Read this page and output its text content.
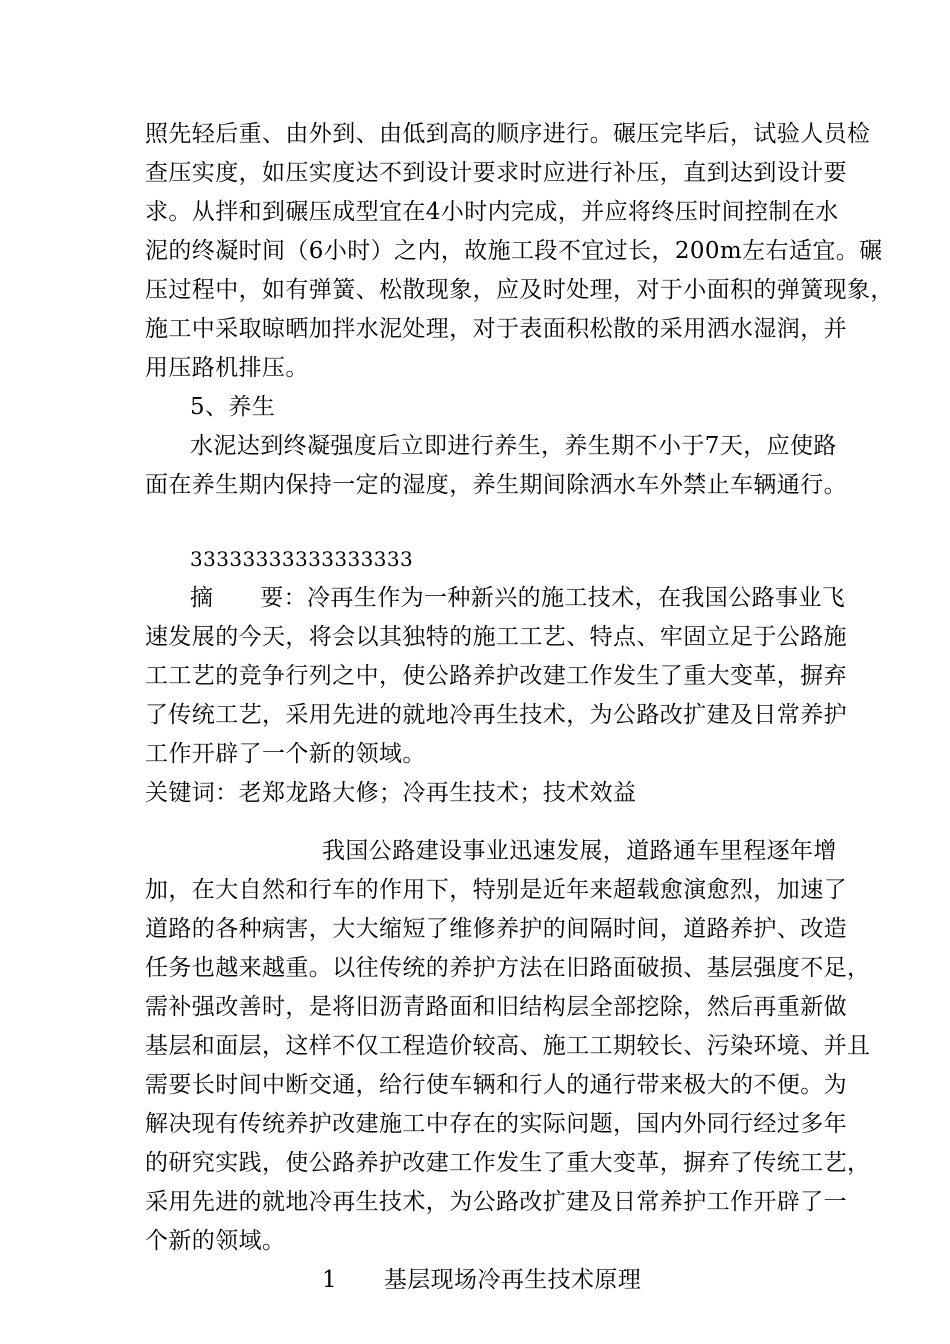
照先轻后重、由外到、由低到高的顺序进行。碾压完毕后，试验人员检
查压实度，如压实度达不到设计要求时应进行补压，直到达到设计要
求。从拌和到碾压成型宜在4小时内完成，并应将终压时间控制在水
泥的终凝时间（6小时）之内，故施工段不宜过长，200m左右适宜。碾
压过程中，如有弹簧、松散现象，应及时处理，对于小面积的弹簧现象，
施工中采取晾晒加拌水泥处理，对于表面积松散的采用洒水湿润，并
用压路机排压。
5、养生
水泥达到终凝强度后立即进行养生，养生期不小于7天，应使路
面在养生期内保持一定的湿度，养生期间除洒水车外禁止车辆通行。
33333333333333333
摘　　要：冷再生作为一种新兴的施工技术，在我国公路事业飞
速发展的今天，将会以其独特的施工工艺、特点、牢固立足于公路施
工工艺的竞争行列之中，使公路养护改建工作发生了重大变革，摒弃
了传统工艺，采用先进的就地冷再生技术，为公路改扩建及日常养护
工作开辟了一个新的领域。
关键词：老郑龙路大修；冷再生技术；技术效益
我国公路建设事业迅速发展，道路通车里程逐年增
加，在大自然和行车的作用下，特别是近年来超载愈演愈烈，加速了
道路的各种病害，大大缩短了维修养护的间隔时间，道路养护、改造
任务也越来越重。以往传统的养护方法在旧路面破损、基层强度不足，
需补强改善时，是将旧沥青路面和旧结构层全部挖除，然后再重新做
基层和面层，这样不仅工程造价较高、施工工期较长、污染环境、并且
需要长时间中断交通，给行使车辆和行人的通行带来极大的不便。为
解决现有传统养护改建施工中存在的实际问题，国内外同行经过多年
的研究实践，使公路养护改建工作发生了重大变革，摒弃了传统工艺，
采用先进的就地冷再生技术，为公路改扩建及日常养护工作开辟了一
个新的领域。
1　　基层现场冷再生技术原理
